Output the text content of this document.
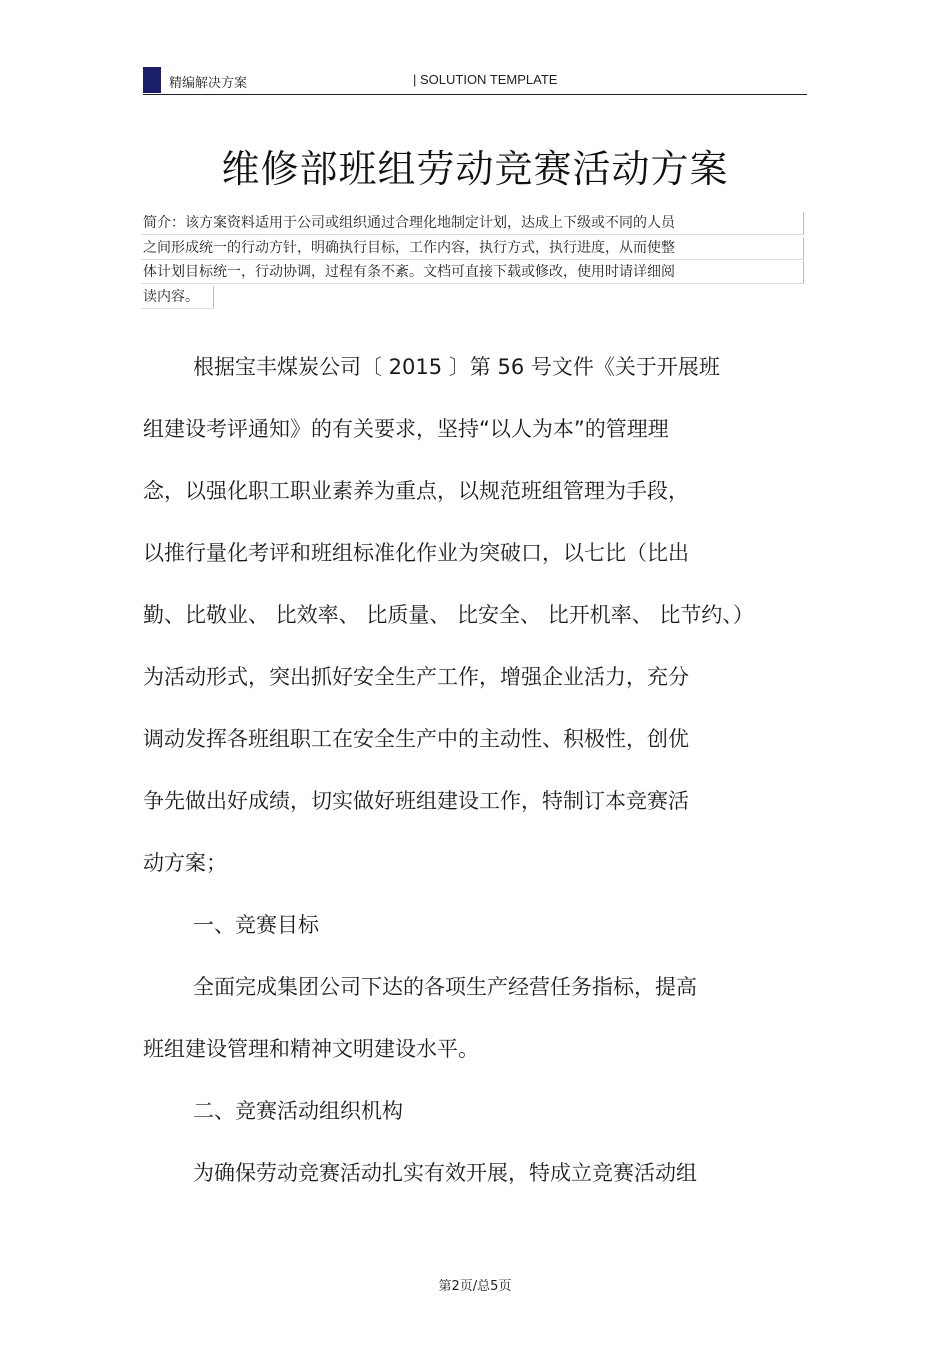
精编解决方案	| SOLUTION TEMPLATE
维修部班组劳动竞赛活动方案
简介：该方案资料适用于公司或组织通过合理化地制定计划，达成上下级或不同的人员
之间形成统一的行动方针，明确执行目标，工作内容，执行方式，执行进度，从而使整
体计划目标统一，行动协调，过程有条不紊。文档可直接下载或修改，使用时请详细阅
读内容。
根据宝丰煤炭公司〔 2015 〕第 56 号文件《关于开展班
组建设考评通知》的有关要求，坚持“以人为本”的管理理
念，以强化职工职业素养为重点，以规范班组管理为手段，
以推行量化考评和班组标准化作业为突破口，以七比（比出
勤、比敬业、 比效率、 比质量、 比安全、 比开机率、 比节约、）
为活动形式，突出抓好安全生产工作，增强企业活力，充分
调动发挥各班组职工在安全生产中的主动性、积极性，创优
争先做出好成绩，切实做好班组建设工作，特制订本竞赛活
动方案；
一、竞赛目标
全面完成集团公司下达的各项生产经营任务指标，提高
班组建设管理和精神文明建设水平。
二、竞赛活动组织机构
为确保劳动竞赛活动扎实有效开展，特成立竞赛活动组
第2页/总5页
